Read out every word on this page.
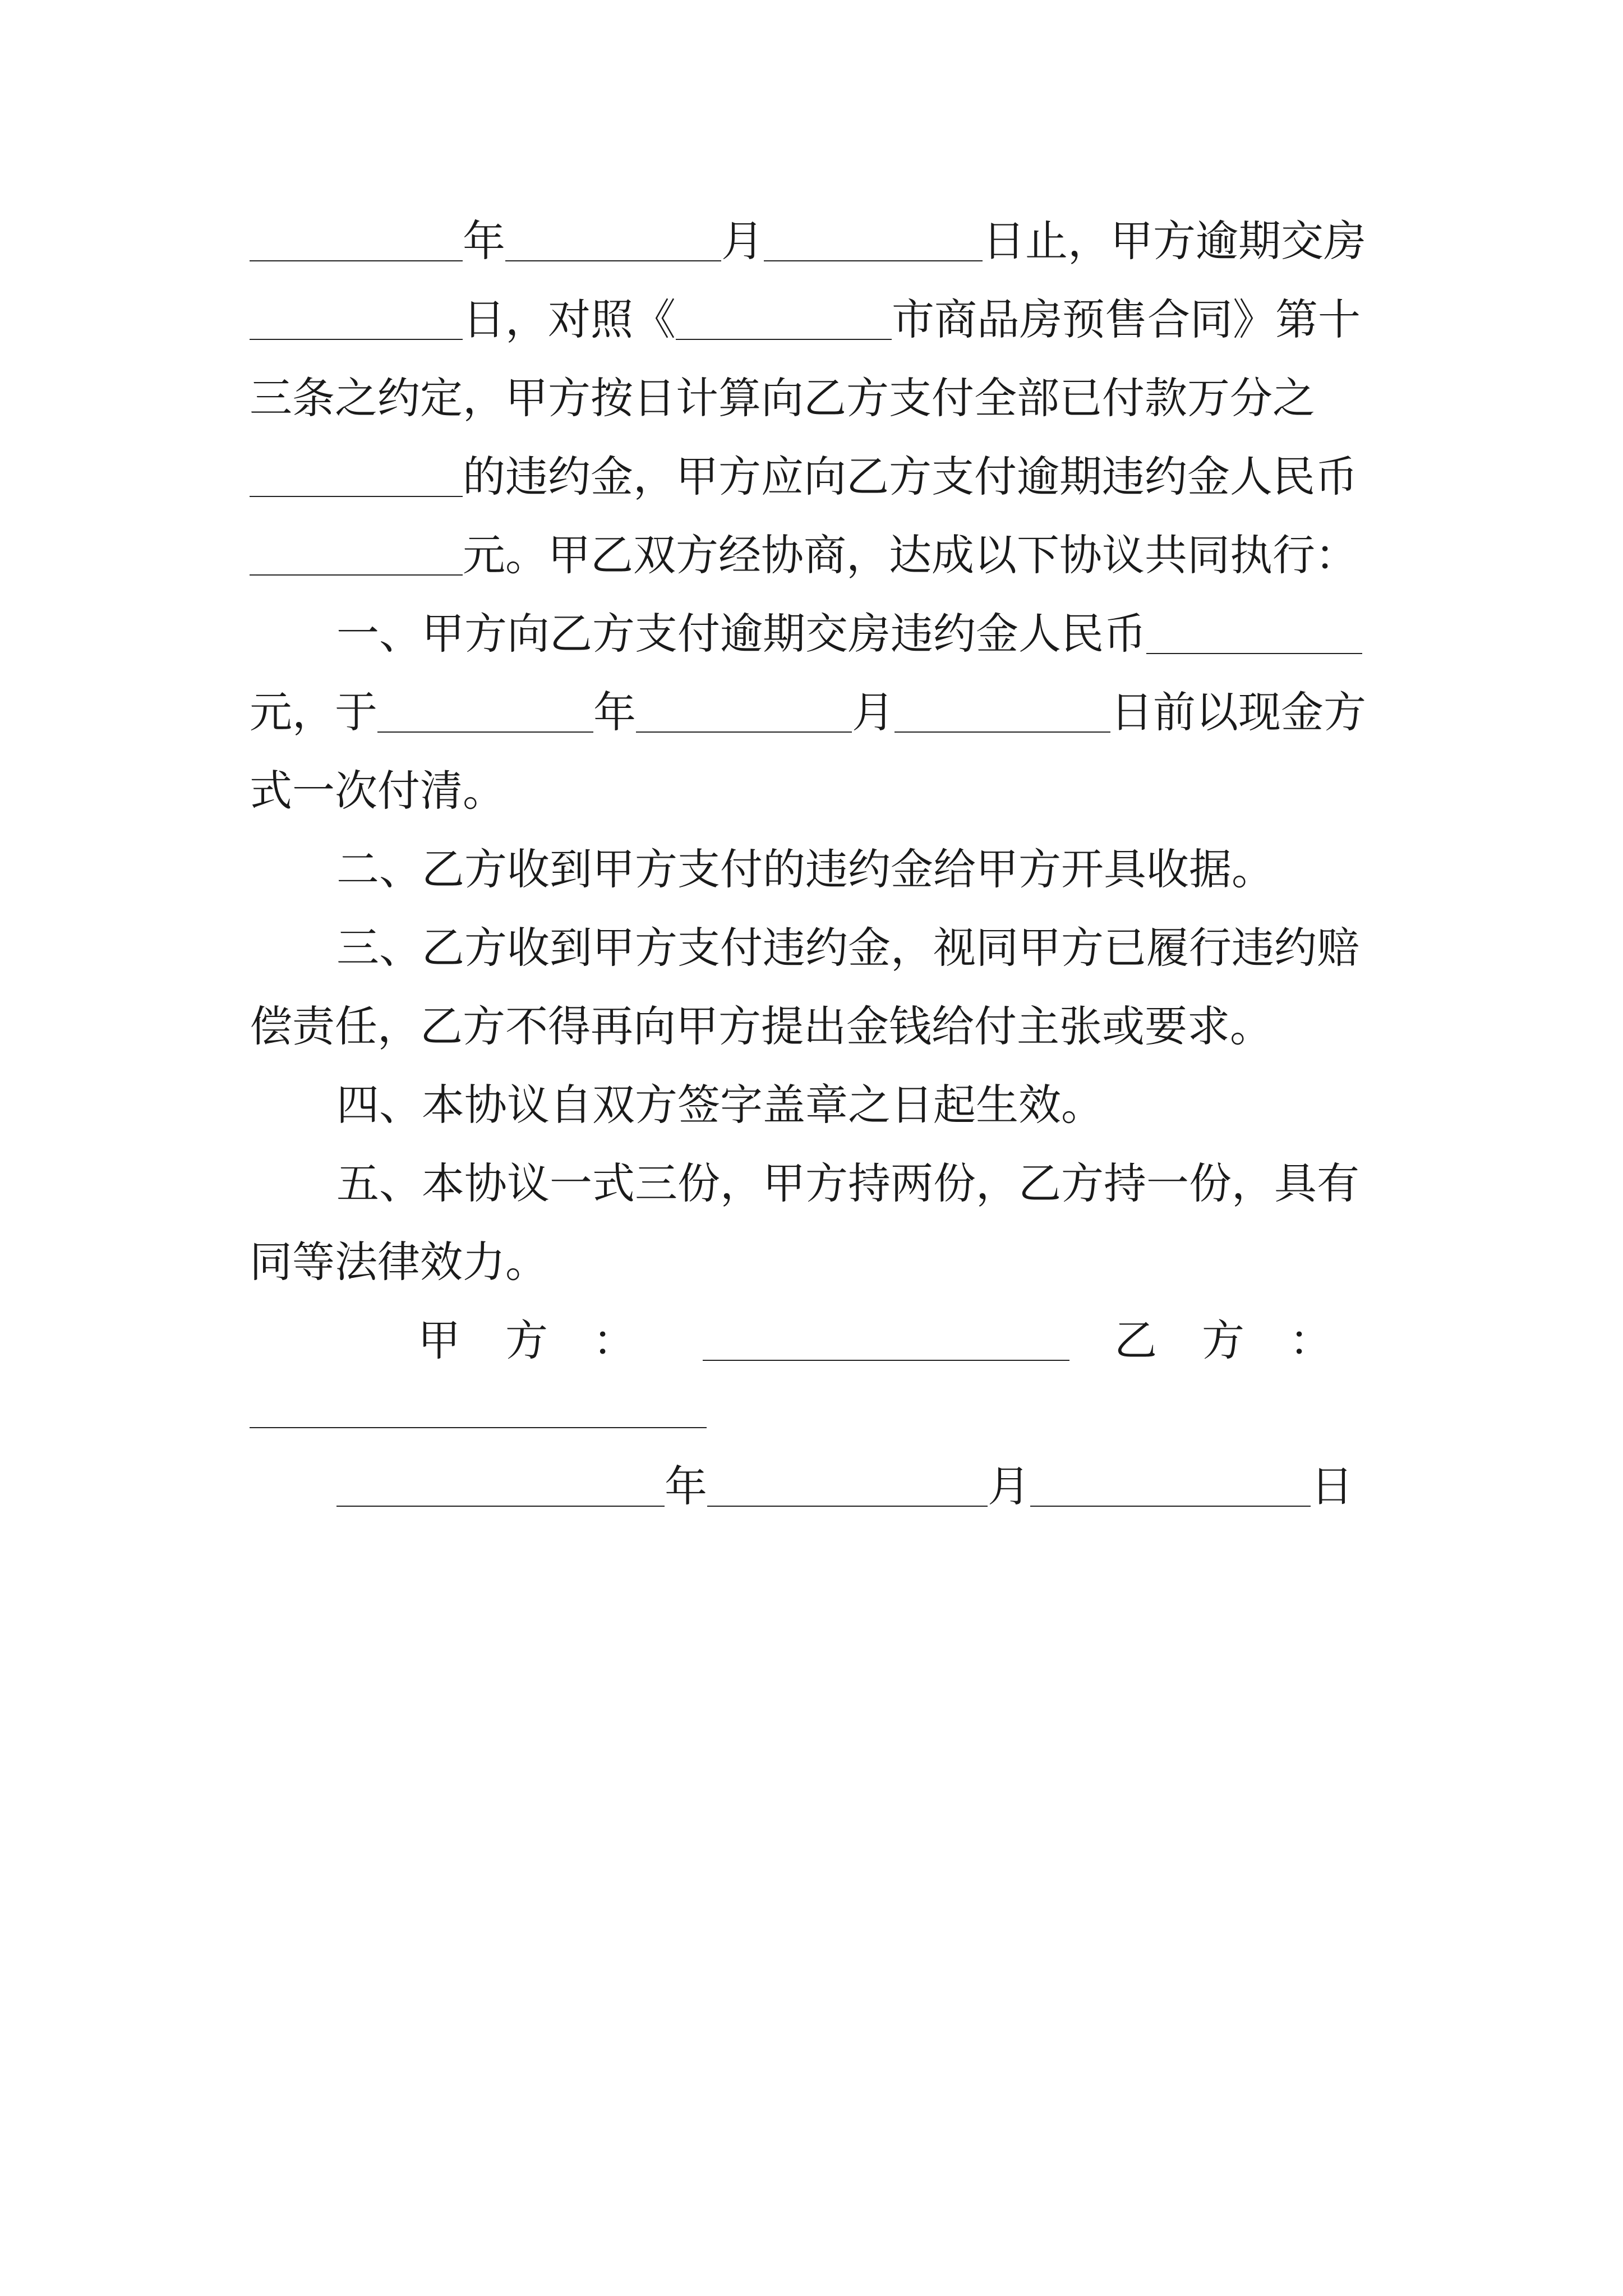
年	月	日止，甲方逾期交房
日，对照《	市商品房预售合同》第十
三条之约定，甲方按日计算向乙方支付全部已付款万分之
的违约金，甲方应向乙方支付逾期违约金人民币
元。甲乙双方经协商，达成以下协议共同执行：
一、甲方向乙方支付逾期交房违约金人民币
元，于	年	月	日前以现金方
式一次付清。
二、乙方收到甲方支付的违约金给甲方开具收据。
三、乙方收到甲方支付违约金，视同甲方已履行违约赔
偿责任，乙方不得再向甲方提出金钱给付主张或要求。
四、本协议自双方签字盖章之日起生效。
五、本协议一式三份，甲方持两份，乙方持一份，具有
同等法律效力。
甲方：	乙方：
年	月	日
